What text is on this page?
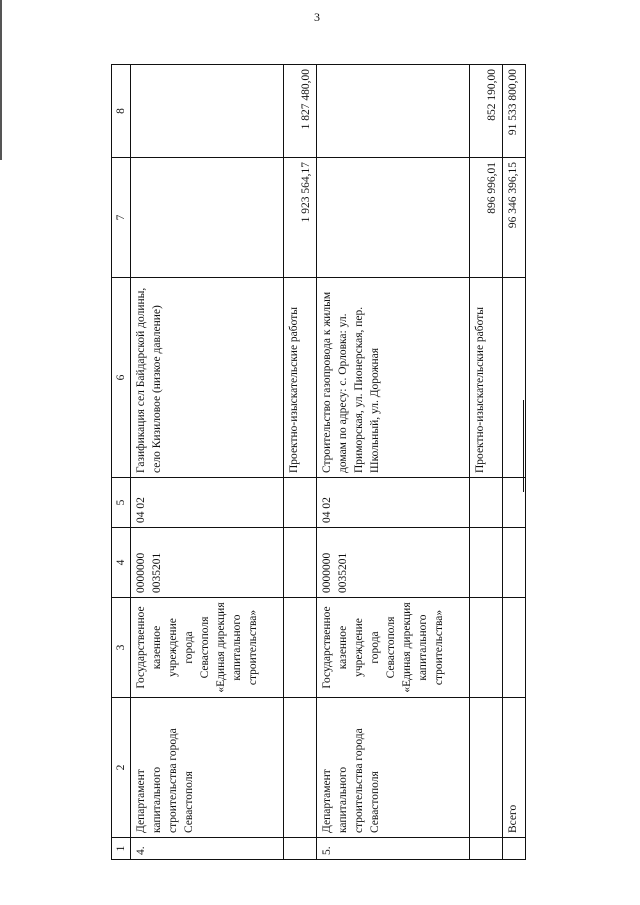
3
1	2	3	4	5	6	7	8
4.	Департамент капитального строительства города Севастополя	Государственное казенное учреждение города Севастополя «Единая дирекция капитального строительства»	0000000 0035201	04 02	Газификация сел Байдарской долины, село Кизиловое (низкое давление)		
					Проектно-изыскательские работы	1 923 564,17	1 827 480,00
5.	Департамент капитального строительства города Севастополя	Государственное казенное учреждение города Севастополя «Единая дирекция капитального строительства»	0000000 0035201	04 02	Строительство газопровода к жилым домам по адресу: с. Орловка: ул. Приморская, ул. Пионерская, пер. Школьный, ул. Дорожная		
					Проектно-изыскательские работы	896 996,01	852 190,00
	Всего					96 346 396,15	91 533 800,00
